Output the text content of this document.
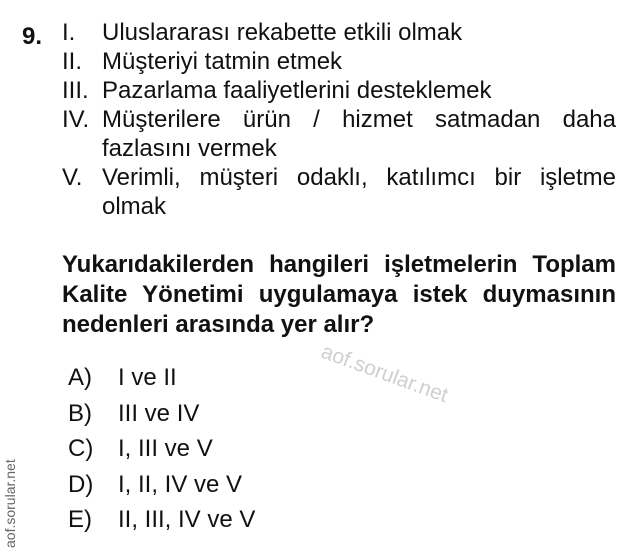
9. I.	Uluslararası rekabette etkili olmak
II. Müşteriyi tatmin etmek
III. Pazarlama faaliyetlerini desteklemek
IV. Müşterilere ürün / hizmet satmadan daha fazlasını vermek
V. Verimli, müşteri odaklı, katılımcı bir işletme olmak
Yukarıdakilerden hangileri işletmelerin Toplam Kalite Yönetimi uygulamaya istek duymasının nedenleri arasında yer alır?
aof.sorular.net
A)	I ve II
B)	III ve IV
C)	I, III ve V
D)	I, II, IV ve V
E)	II, III, IV ve V
aof.sorular.net
